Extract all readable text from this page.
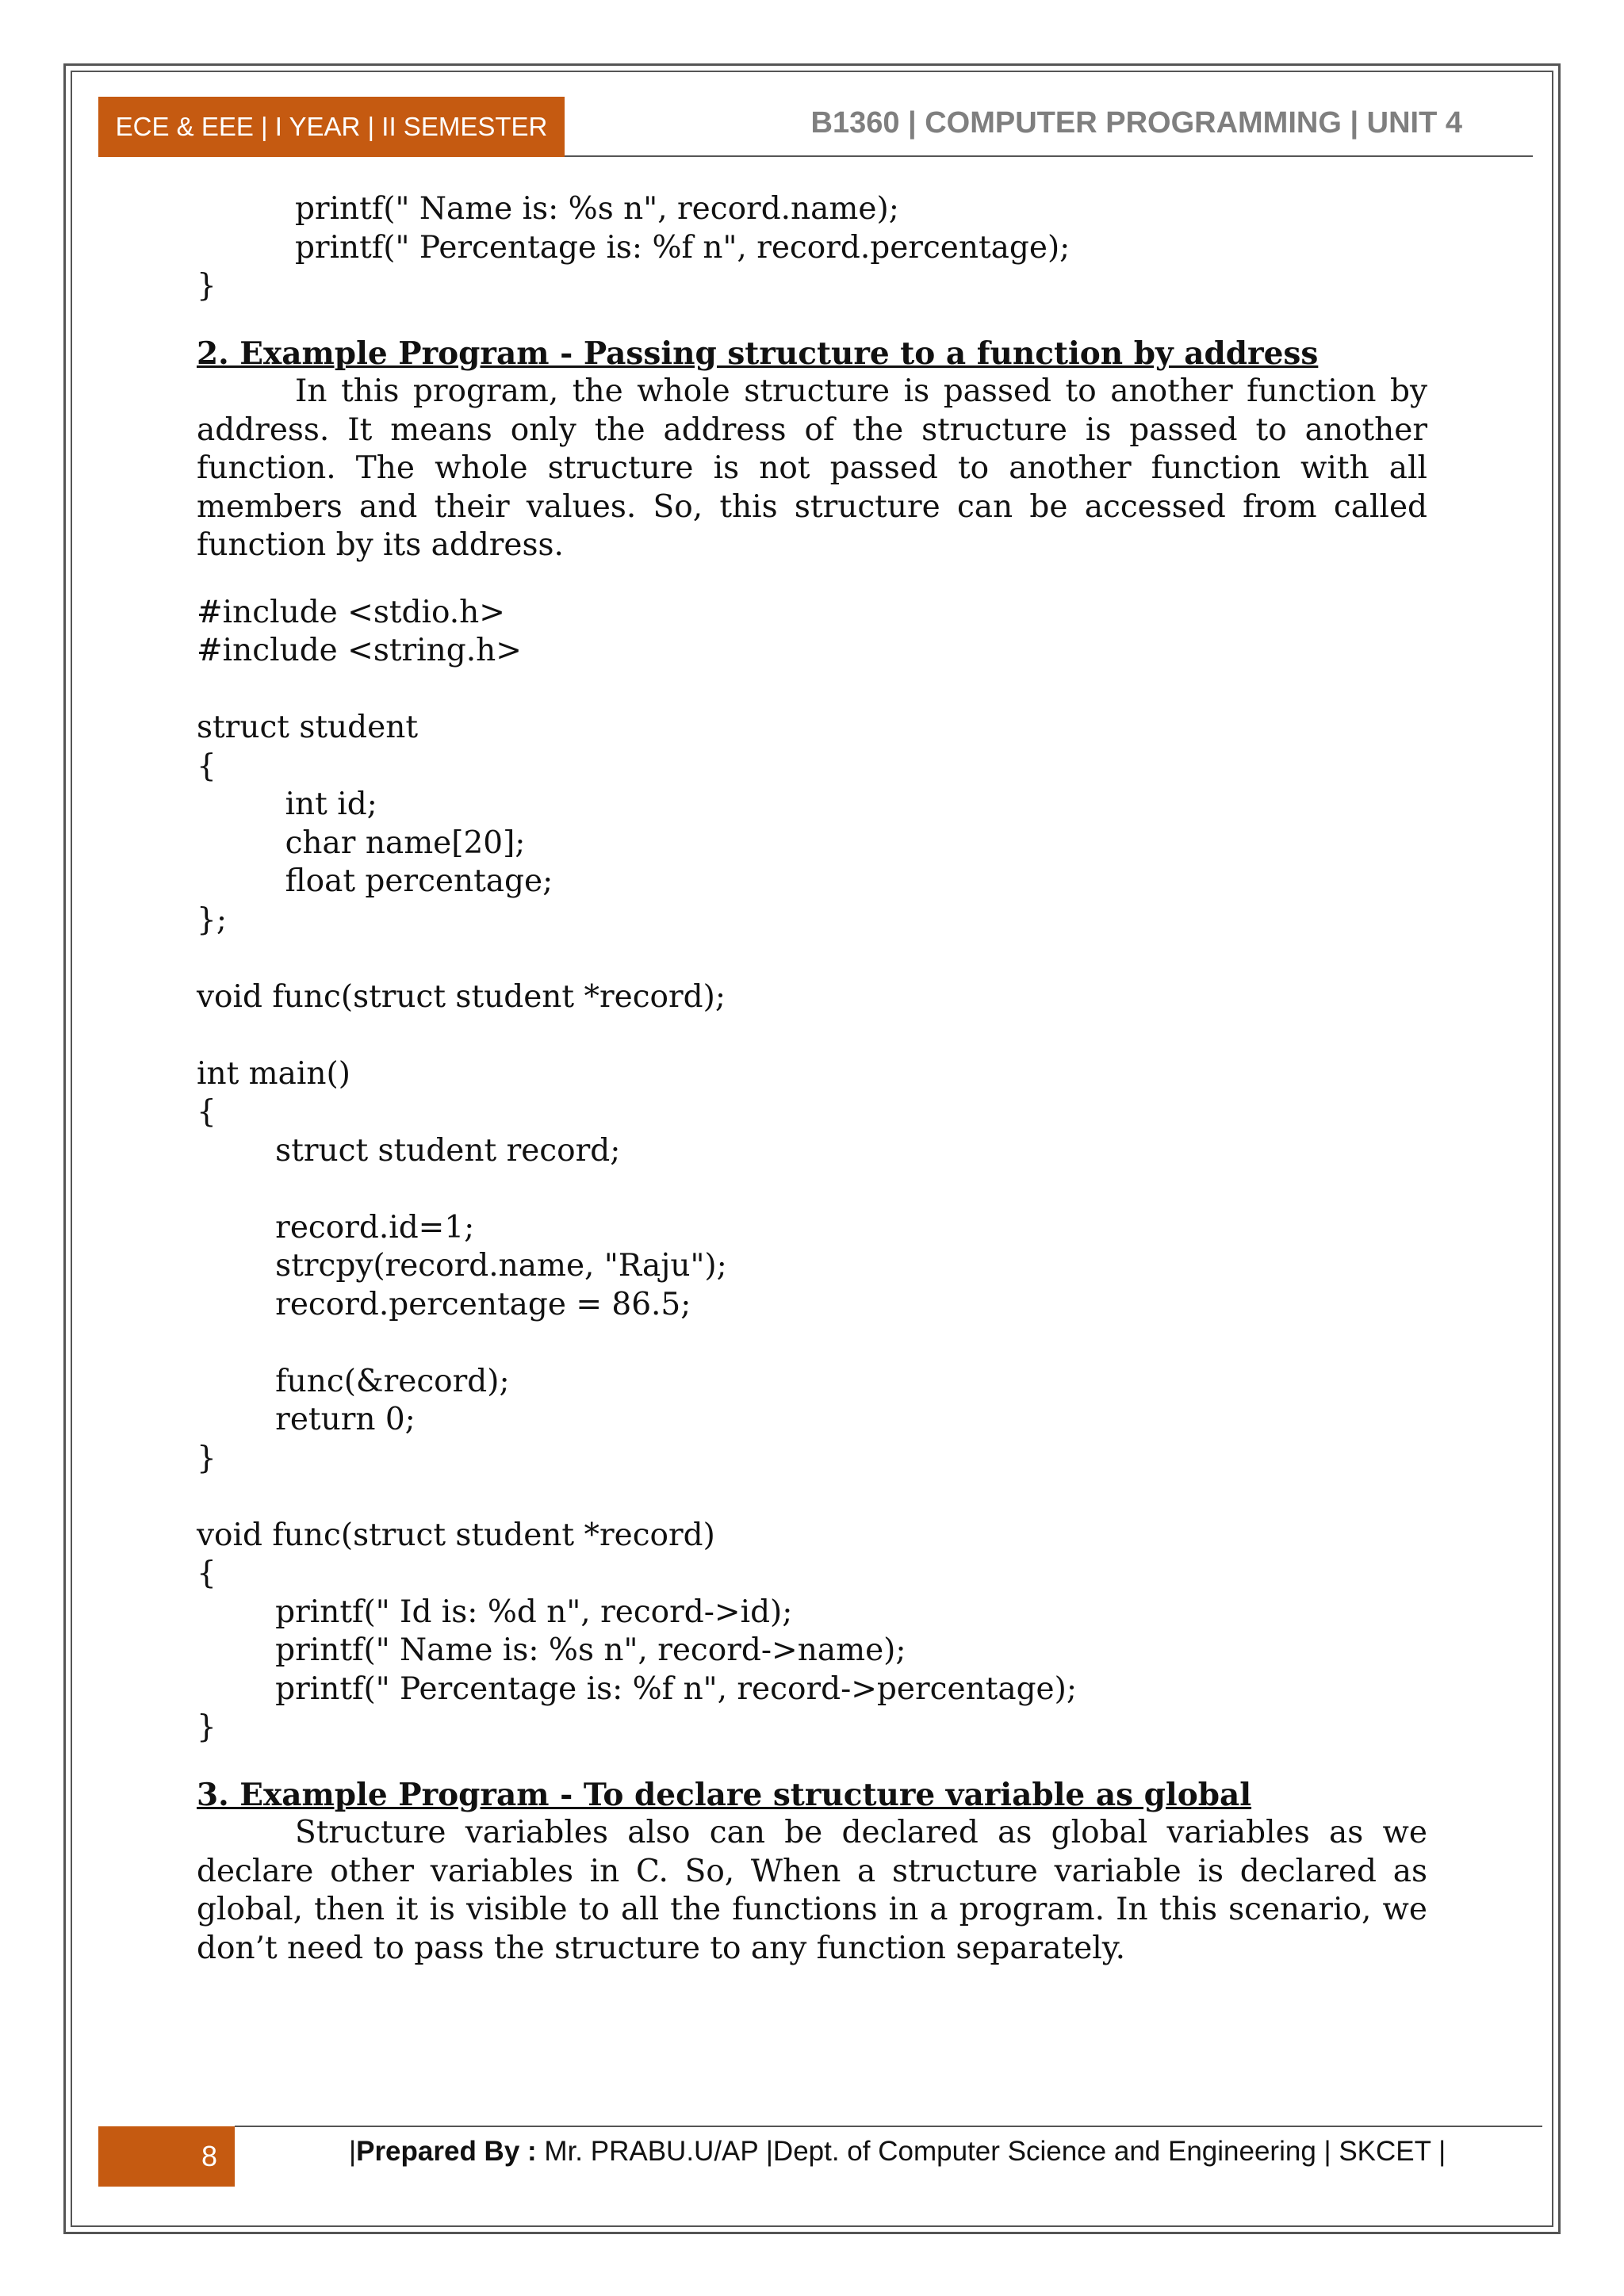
ECE & EEE | I YEAR | II SEMESTER	B1360 | COMPUTER PROGRAMMING | UNIT 4
printf(" Name is: %s n", record.name);
printf(" Percentage is: %f n", record.percentage);
}
2. Example Program - Passing structure to a function by address
In this program, the whole structure is passed to another function by address. It means only the address of the structure is passed to another function. The whole structure is not passed to another function with all members and their values. So, this structure can be accessed from called function by its address.
#include <stdio.h>
#include <string.h>

struct student
{
int id;
char name[20];
float percentage;
};

void func(struct student *record);

int main()
{
struct student record;

record.id=1;
strcpy(record.name, "Raju");
record.percentage = 86.5;

func(&record);
return 0;
}

void func(struct student *record)
{
printf(" Id is: %d n", record->id);
printf(" Name is: %s n", record->name);
printf(" Percentage is: %f n", record->percentage);
}
3. Example Program - To declare structure variable as global
Structure variables also can be declared as global variables as we declare other variables in C. So, When a structure variable is declared as global, then it is visible to all the functions in a program. In this scenario, we don’t need to pass the structure to any function separately.
8	|Prepared By : Mr. PRABU.U/AP |Dept. of Computer Science and Engineering | SKCET |
